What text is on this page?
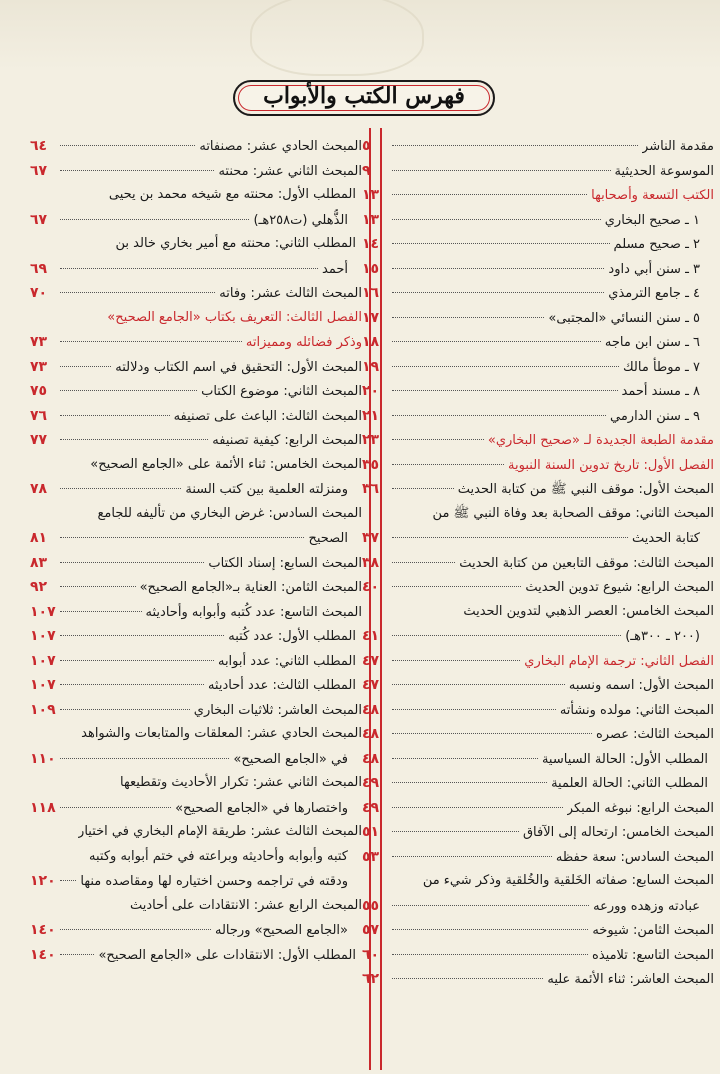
فهرس الكتب والأبواب
مقدمة الناشر
٥
الموسوعة الحديثية
٩
الكتب التسعة وأصحابها
١٣
١ ـ صحيح البخاري
١٣
٢ ـ صحيح مسلم
١٤
٣ ـ سنن أبي داود
١٥
٤ ـ جامع الترمذي
١٦
٥ ـ سنن النسائي «المجتبى»
١٧
٦ ـ سنن ابن ماجه
١٨
٧ ـ موطأ مالك
١٩
٨ ـ مسند أحمد
٢٠
٩ ـ سنن الدارمي
٢١
مقدمة الطبعة الجديدة لـ «صحيح البخاري»
٢٣
الفصل الأول: تاريخ تدوين السنة النبوية
٣٥
المبحث الأول: موقف النبي ﷺ من كتابة الحديث
٣٦
المبحث الثاني: موقف الصحابة بعد وفاة النبي ﷺ من
كتابة الحديث
٣٧
المبحث الثالث: موقف التابعين من كتابة الحديث
٣٨
المبحث الرابع: شيوع تدوين الحديث
٤٠
المبحث الخامس: العصر الذهبي لتدوين الحديث
(٢٠٠ ـ ٣٠٠هـ)
٤١
الفصل الثاني: ترجمة الإمام البخاري
٤٧
المبحث الأول: اسمه ونسبه
٤٧
المبحث الثاني: مولده ونشأته
٤٨
المبحث الثالث: عصره
٤٨
المطلب الأول: الحالة السياسية
٤٨
المطلب الثاني: الحالة العلمية
٤٩
المبحث الرابع: نبوغه المبكر
٤٩
المبحث الخامس: ارتحاله إلى الآفاق
٥١
المبحث السادس: سعة حفظه
٥٣
المبحث السابع: صفاته الخَلقية والخُلقية وذكر شيء من
عبادته وزهده وورعه
٥٥
المبحث الثامن: شيوخه
٥٧
المبحث التاسع: تلاميذه
٦٠
المبحث العاشر: ثناء الأئمة عليه
٦٢
المبحث الحادي عشر: مصنفاته
٦٤
المبحث الثاني عشر: محنته
٦٧
المطلب الأول: محنته مع شيخه محمد بن يحيى
الذُّهلي (ت٢٥٨هـ)
٦٧
المطلب الثاني: محنته مع أمير بخاري خالد بن
أحمد
٦٩
المبحث الثالث عشر: وفاته
٧٠
الفصل الثالث: التعريف بكتاب «الجامع الصحيح»
وذكر فضائله ومميزاته
٧٣
المبحث الأول: التحقيق في اسم الكتاب ودلالته
٧٣
المبحث الثاني: موضوع الكتاب
٧٥
المبحث الثالث: الباعث على تصنيفه
٧٦
المبحث الرابع: كيفية تصنيفه
٧٧
المبحث الخامس: ثناء الأئمة على «الجامع الصحيح»
ومنزلته العلمية بين كتب السنة
٧٨
المبحث السادس: غرض البخاري من تأليفه للجامع
الصحيح
٨١
المبحث السابع: إسناد الكتاب
٨٣
المبحث الثامن: العناية بـ«الجامع الصحيح»
٩٢
المبحث التاسع: عدد كُتبه وأبوابه وأحاديثه
١٠٧
المطلب الأول: عدد كُتبه
١٠٧
المطلب الثاني: عدد أبوابه
١٠٧
المطلب الثالث: عدد أحاديثه
١٠٧
المبحث العاشر: ثلاثيات البخاري
١٠٩
المبحث الحادي عشر: المعلقات والمتابعات والشواهد
في «الجامع الصحيح»
١١٠
المبحث الثاني عشر: تكرار الأحاديث وتقطيعها
واختصارها في «الجامع الصحيح»
١١٨
المبحث الثالث عشر: طريقة الإمام البخاري في اختيار
كتبه وأبوابه وأحاديثه وبراعته في ختم أبوابه وكتبه
ودقته في تراجمه وحسن اختياره لها ومقاصده منها
١٢٠
المبحث الرابع عشر: الانتقادات على أحاديث
«الجامع الصحيح» ورجاله
١٤٠
المطلب الأول: الانتقادات على «الجامع الصحيح»
١٤٠
